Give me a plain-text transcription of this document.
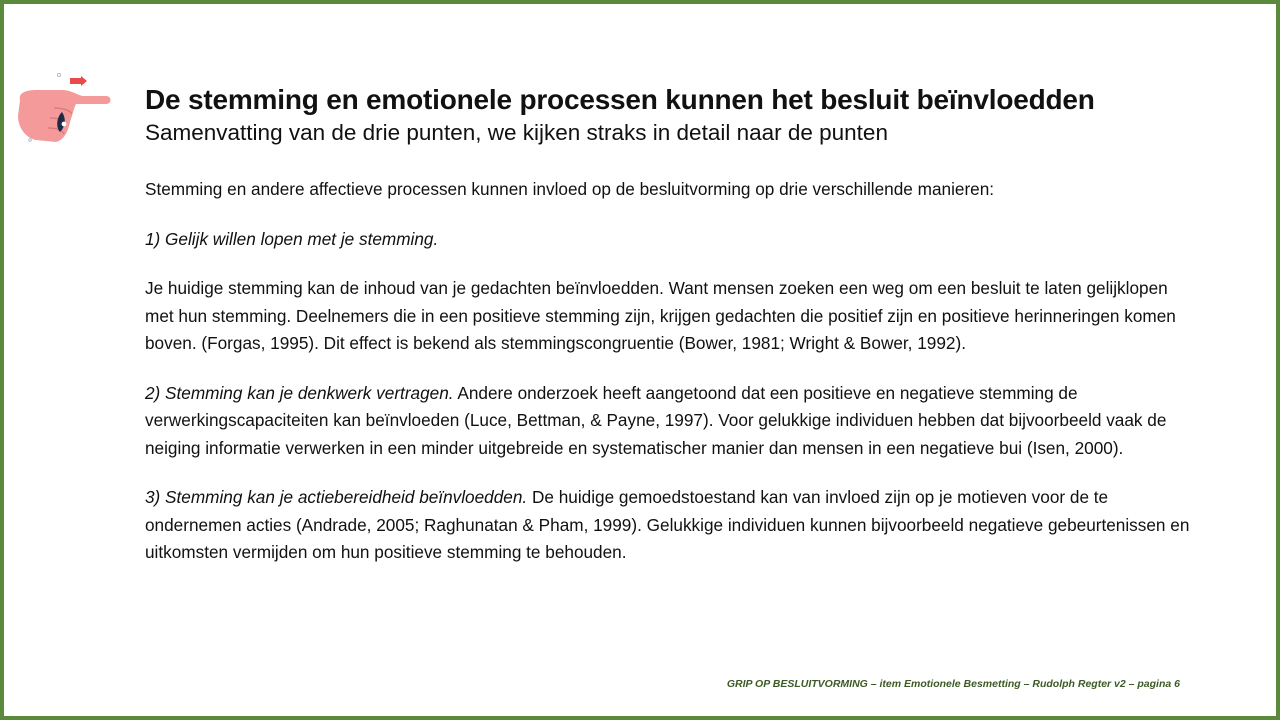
De stemming en emotionele processen kunnen het besluit beïnvloedden
Samenvatting van de drie punten, we kijken straks in detail naar de punten

Stemming en andere affectieve processen kunnen invloed op de besluitvorming op drie verschillende manieren:

1) Gelijk willen lopen met je stemming.

Je huidige stemming kan de inhoud van je gedachten beïnvloedden. Want mensen zoeken een weg om een besluit te laten gelijklopen met hun stemming. Deelnemers die in een positieve stemming zijn, krijgen gedachten die positief zijn en positieve herinneringen komen boven. (Forgas, 1995). Dit effect is bekend als stemmingscongruentie (Bower, 1981; Wright & Bower, 1992).

2) Stemming kan je denkwerk vertragen. Andere onderzoek heeft aangetoond dat een positieve en negatieve stemming de verwerkingscapaciteiten kan beïnvloeden (Luce, Bettman, & Payne, 1997). Voor gelukkige individuen hebben dat bijvoorbeeld vaak de neiging informatie verwerken in een minder uitgebreide en systematischer manier dan mensen in een negatieve bui (Isen, 2000).

3) Stemming kan je actiebereidheid beïnvloedden. De huidige gemoedstoestand kan van invloed zijn op je motieven voor de te ondernemen acties (Andrade, 2005; Raghunatan & Pham, 1999). Gelukkige individuen kunnen bijvoorbeeld negatieve gebeurtenissen en uitkomsten vermijden om hun positieve stemming te behouden.

GRIP OP BESLUITVORMING – item Emotionele Besmetting – Rudolph Regter v2 – pagina 6
